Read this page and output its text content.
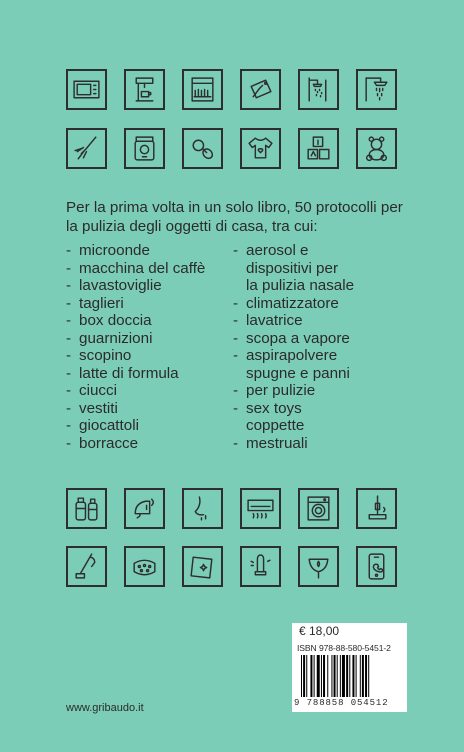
Per la prima volta in un solo libro, 50 protocolli per la pulizia degli oggetti di casa, tra cui:

- microonde
- macchina del caffè
- lavastoviglie
- taglieri
- box doccia
- guarnizioni
- scopino
- latte di formula
- ciucci
- vestiti
- giocattoli
- borracce
- aerosol e
dispositivi per
la pulizia nasale
- climatizzatore
- lavatrice
- scopa a vapore
- aspirapolvere
spugne e panni
- per pulizie
- sex toys
coppette
- mestruali
€ 18,00
ISBN 978-88-580-5451-2
9 788858 054512
www.gribaudo.it
